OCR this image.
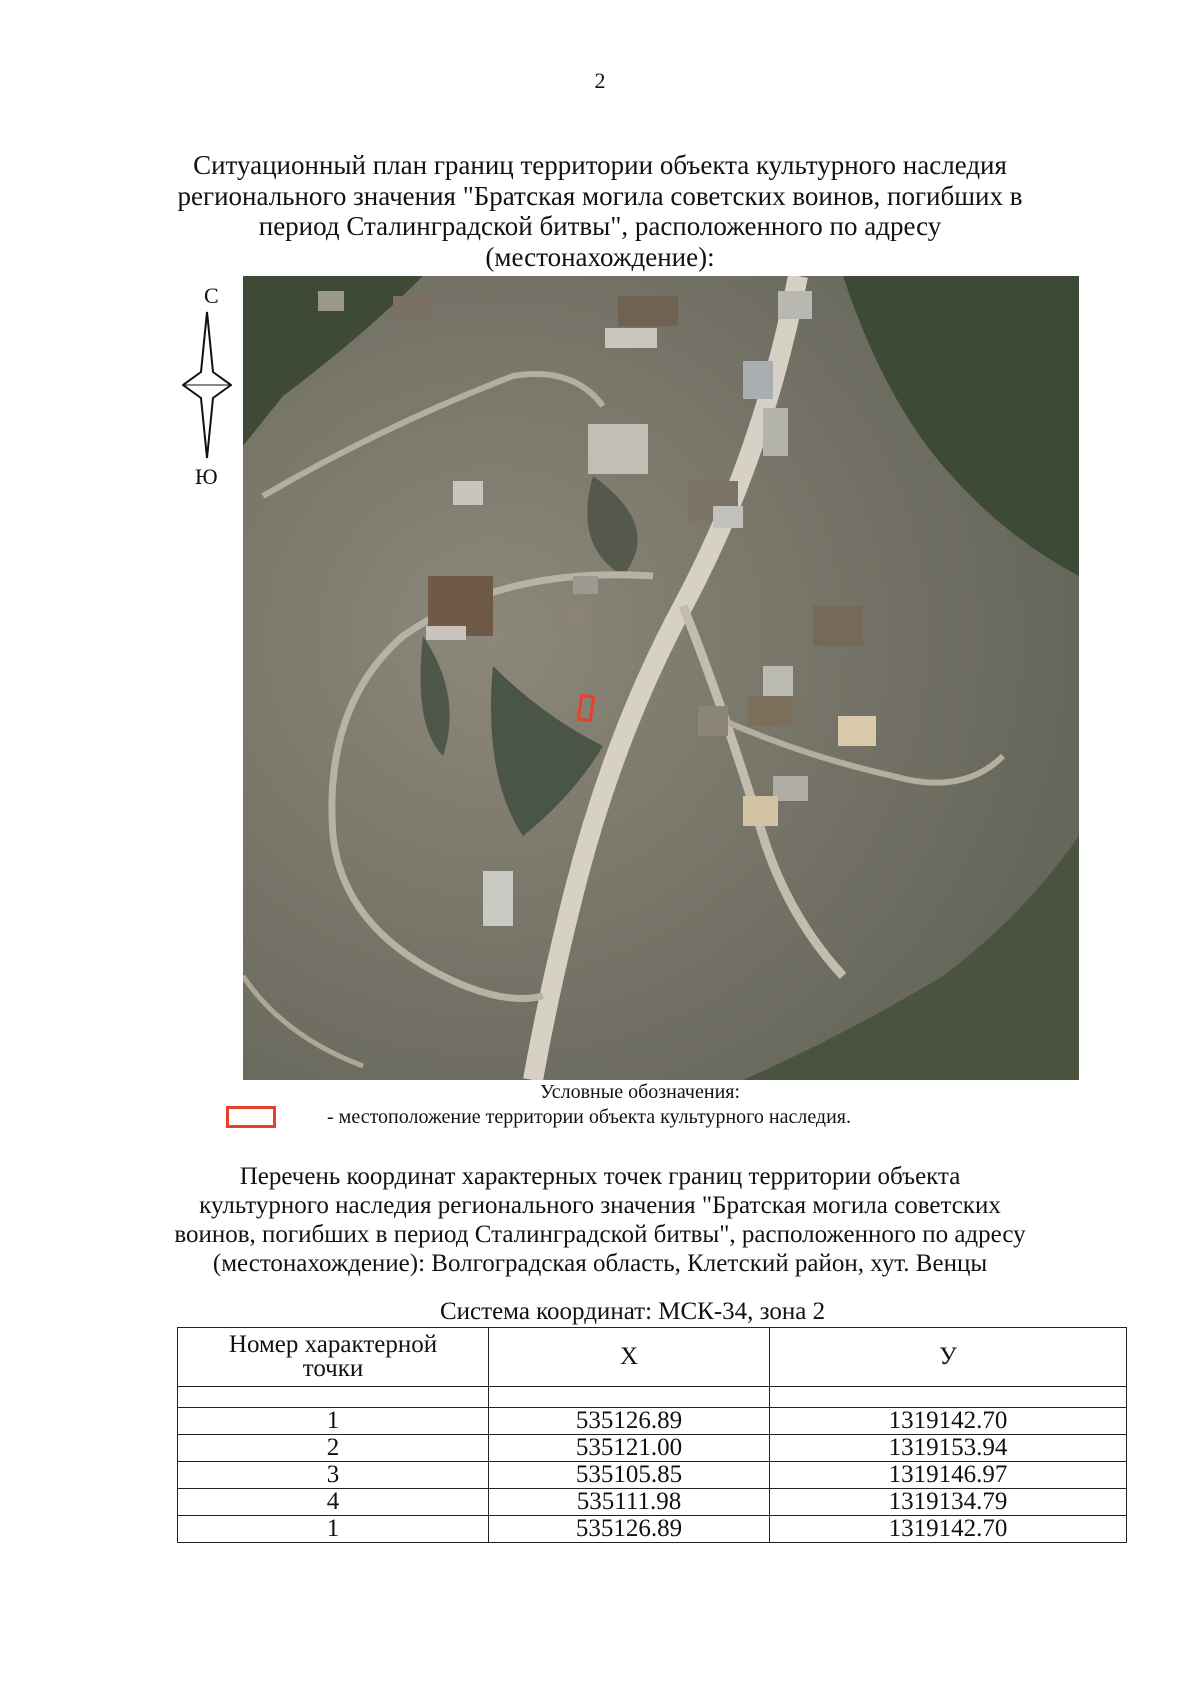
2
Ситуационный план границ территории объекта культурного наследия
регионального значения "Братская могила советских воинов, погибших в
период Сталинградской битвы", расположенного по адресу (местонахождение):
С
Ю
Условные обозначения:
- местоположение территории объекта культурного наследия.
Перечень координат характерных точек границ территории объекта
культурного наследия регионального значения "Братская могила советских
воинов, погибших в период Сталинградской битвы", расположенного по адресу
(местонахождение): Волгоградская область, Клетский район, хут. Венцы
Система координат: МСК-34, зона 2
Номер характерной
точки	X	У

1	535126.89	1319142.70
2	535121.00	1319153.94
3	535105.85	1319146.97
4	535111.98	1319134.79
1	535126.89	1319142.70
